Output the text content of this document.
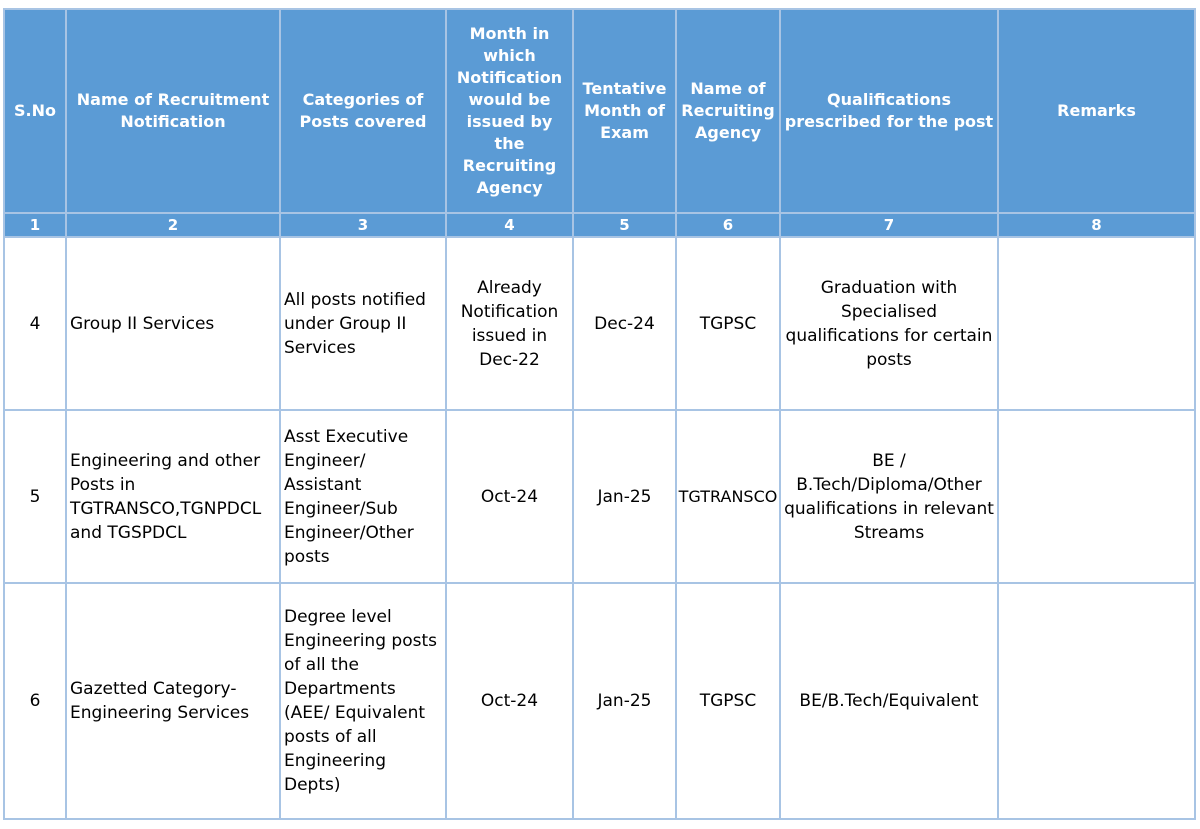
S.No	Name of Recruitment Notification	Categories of Posts covered	Month in which Notification would be issued by the Recruiting Agency	Tentative Month of Exam	Name of Recruiting Agency	Qualifications prescribed for the post	Remarks
1	2	3	4	5	6	7	8
4	Group II Services	All posts notified under Group II Services	Already Notification issued in Dec-22	Dec-24	TGPSC	Graduation with Specialised qualifications for certain posts	
5	Engineering and other Posts in TGTRANSCO,TGNPDCL and TGSPDCL	Asst Executive Engineer/ Assistant Engineer/Sub Engineer/Other posts	Oct-24	Jan-25	TGTRANSCO	BE / B.Tech/Diploma/Other qualifications in relevant Streams	
6	Gazetted Category-Engineering Services	Degree level Engineering posts of all the Departments (AEE/ Equivalent posts of all Engineering Depts)	Oct-24	Jan-25	TGPSC	BE/B.Tech/Equivalent	
